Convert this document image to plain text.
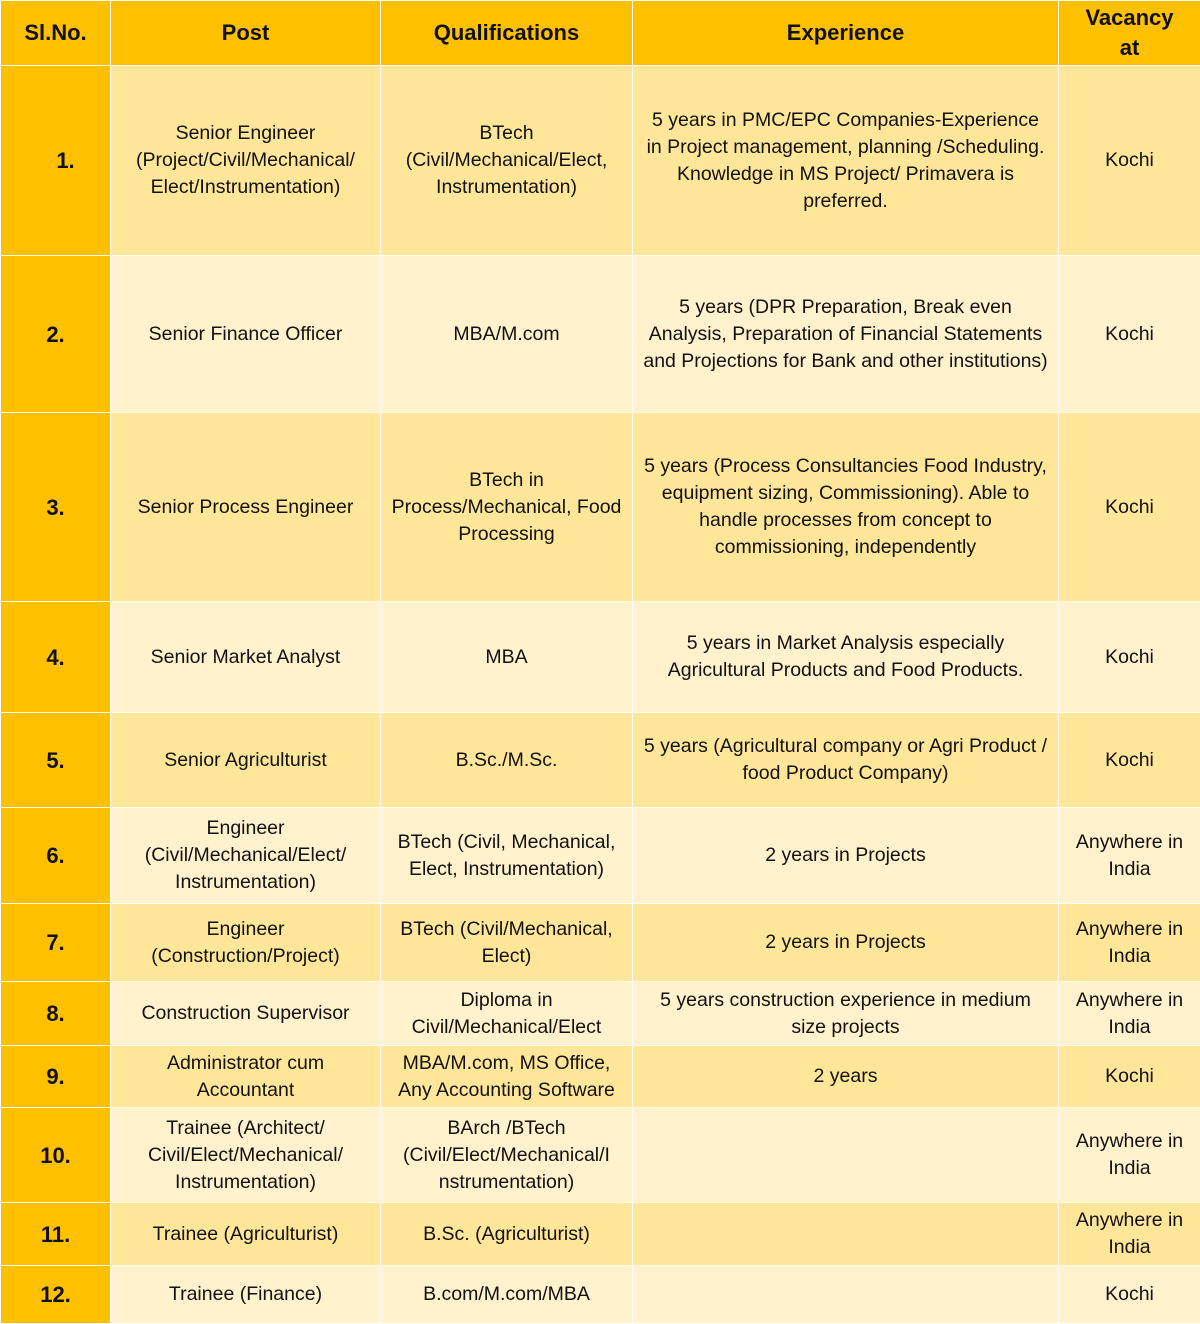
Sl.No.	Post	Qualifications	Experience	Vacancy at
1.	Senior Engineer (Project/Civil/Mechanical/ Elect/Instrumentation)	BTech (Civil/Mechanical/Elect, Instrumentation)	5 years in PMC/EPC Companies-Experience in Project management, planning /Scheduling. Knowledge in MS Project/ Primavera is preferred.	Kochi
2.	Senior Finance Officer	MBA/M.com	5 years (DPR Preparation, Break even Analysis, Preparation of Financial Statements and Projections for Bank and other institutions)	Kochi
3.	Senior Process Engineer	BTech in Process/Mechanical, Food Processing	5 years (Process Consultancies Food Industry, equipment sizing, Commissioning). Able to handle processes from concept to commissioning, independently	Kochi
4.	Senior Market Analyst	MBA	5 years in Market Analysis especially Agricultural Products and Food Products.	Kochi
5.	Senior Agriculturist	B.Sc./M.Sc.	5 years (Agricultural company or Agri Product / food Product Company)	Kochi
6.	Engineer (Civil/Mechanical/Elect/ Instrumentation)	BTech (Civil, Mechanical, Elect, Instrumentation)	2 years in Projects	Anywhere in India
7.	Engineer (Construction/Project)	BTech (Civil/Mechanical, Elect)	2 years in Projects	Anywhere in India
8.	Construction Supervisor	Diploma in Civil/Mechanical/Elect	5 years construction experience in medium size projects	Anywhere in India
9.	Administrator cum Accountant	MBA/M.com, MS Office, Any Accounting Software	2 years	Kochi
10.	Trainee (Architect/ Civil/Elect/Mechanical/ Instrumentation)	BArch /BTech (Civil/Elect/Mechanical/I nstrumentation)		Anywhere in India
11.	Trainee (Agriculturist)	B.Sc. (Agriculturist)		Anywhere in India
12.	Trainee (Finance)	B.com/M.com/MBA		Kochi
